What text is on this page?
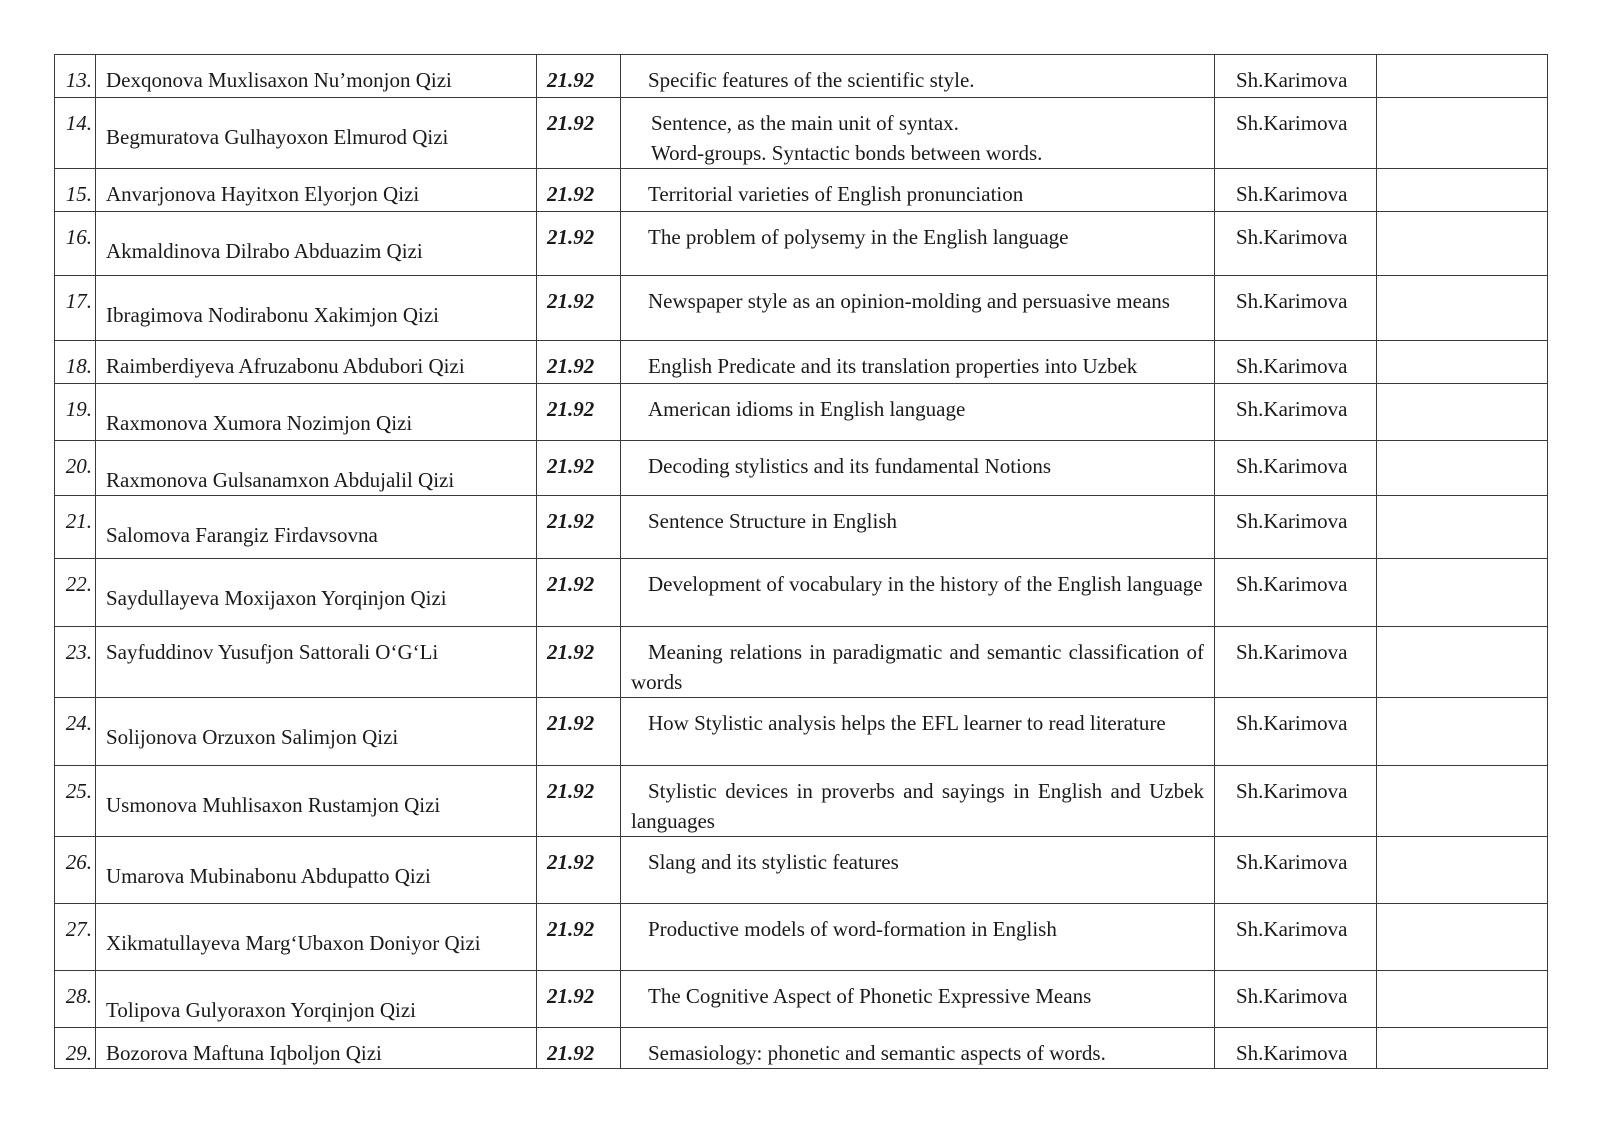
13.	Dexqonova Muxlisaxon Nu’monjon Qizi	21.92	Specific features of the scientific style.	Sh.Karimova	
14.	Begmuratova Gulhayoxon Elmurod Qizi	21.92	Sentence, as the main unit of syntax.
Word-groups. Syntactic bonds between words.	Sh.Karimova	
15.	Anvarjonova Hayitxon Elyorjon Qizi	21.92	Territorial varieties of English pronunciation	Sh.Karimova	
16.	Akmaldinova Dilrabo Abduazim Qizi	21.92	The problem of polysemy in the English language	Sh.Karimova	
17.	Ibragimova Nodirabonu Xakimjon Qizi	21.92	Newspaper style as an opinion-molding and persuasive means	Sh.Karimova	
18.	Raimberdiyeva Afruzabonu Abdubori Qizi	21.92	English Predicate and its translation properties into Uzbek	Sh.Karimova	
19.	Raxmonova Xumora Nozimjon Qizi	21.92	American idioms in English language	Sh.Karimova	
20.	Raxmonova Gulsanamxon Abdujalil Qizi	21.92	Decoding stylistics and its fundamental Notions	Sh.Karimova	
21.	Salomova Farangiz Firdavsovna	21.92	Sentence Structure in English	Sh.Karimova	
22.	Saydullayeva Moxijaxon Yorqinjon Qizi	21.92	Development of vocabulary in the history of the English language	Sh.Karimova	
23.	Sayfuddinov Yusufjon Sattorali O‘G‘Li	21.92	Meaning relations in paradigmatic and semantic classification of words	Sh.Karimova	
24.	Solijonova Orzuxon Salimjon Qizi	21.92	How Stylistic analysis helps the EFL learner to read literature	Sh.Karimova	
25.	Usmonova Muhlisaxon Rustamjon Qizi	21.92	Stylistic devices in proverbs and sayings in English and Uzbek languages	Sh.Karimova	
26.	Umarova Mubinabonu Abdupatto Qizi	21.92	Slang and its stylistic features	Sh.Karimova	
27.	Xikmatullayeva Marg‘Ubaxon Doniyor Qizi	21.92	Productive models of word-formation in English	Sh.Karimova	
28.	Tolipova Gulyoraxon Yorqinjon Qizi	21.92	The Cognitive Aspect of Phonetic Expressive Means	Sh.Karimova	
29.	Bozorova Maftuna Iqboljon Qizi	21.92	Semasiology: phonetic and semantic aspects of words.	Sh.Karimova	
